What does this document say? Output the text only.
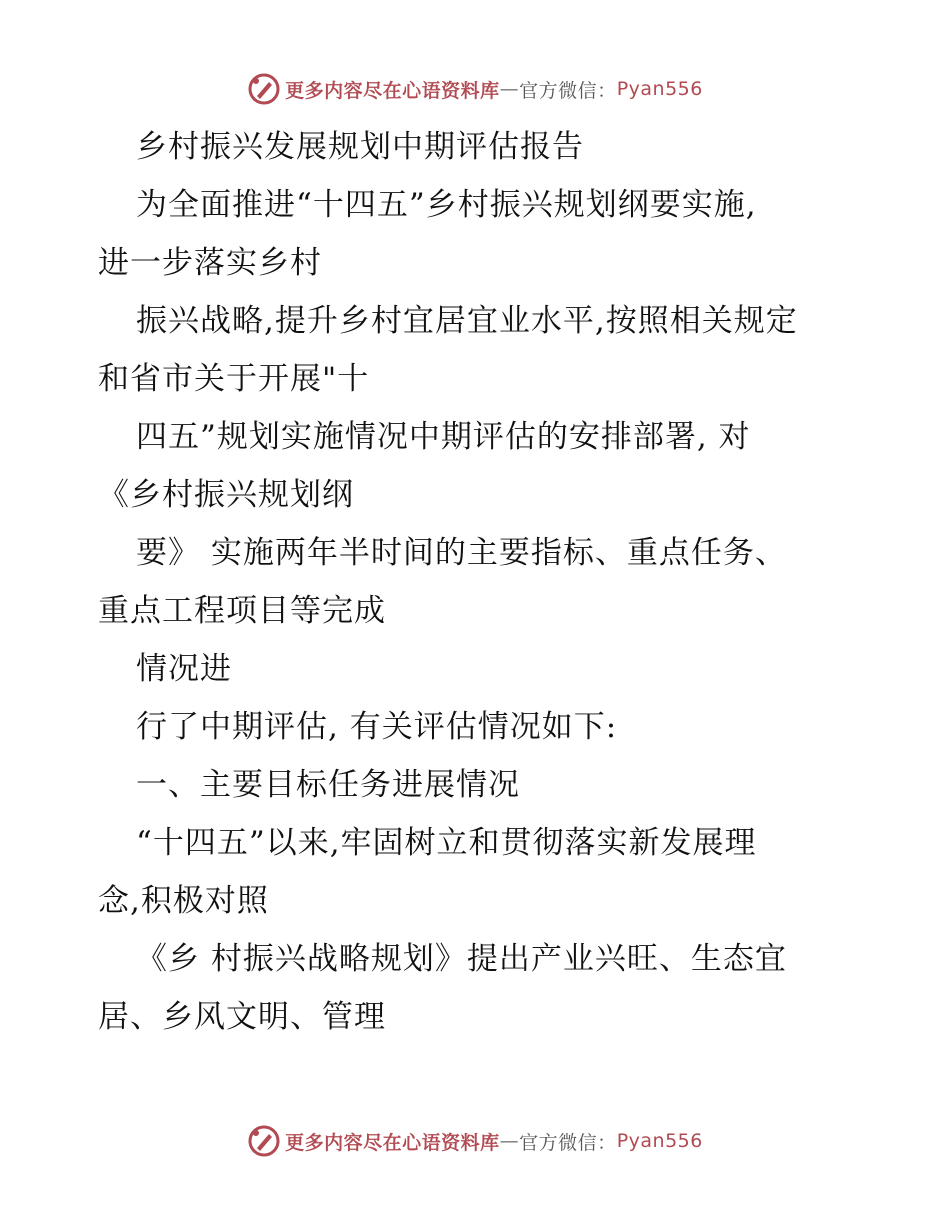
更多内容尽在心语资料库 — 官方微信： Pyan556
乡村振兴发展规划中期评估报告
为全面推进“十四五”乡村振兴规划纲要实施,
进一步落实乡村
振兴战略,提升乡村宜居宜业水平,按照相关规定
和省市关于开展"十
四五”规划实施情况中期评估的安排部署, 对
《乡村振兴规划纲
要》 实施两年半时间的主要指标、重点任务、
重点工程项目等完成
情况进
行了中期评估, 有关评估情况如下:
一、主要目标任务进展情况
“十四五”以来,牢固树立和贯彻落实新发展理
念,积极对照
《乡 村振兴战略规划》提出产业兴旺、生态宜
居、乡风文明、管理
更多内容尽在心语资料库 — 官方微信： Pyan556
